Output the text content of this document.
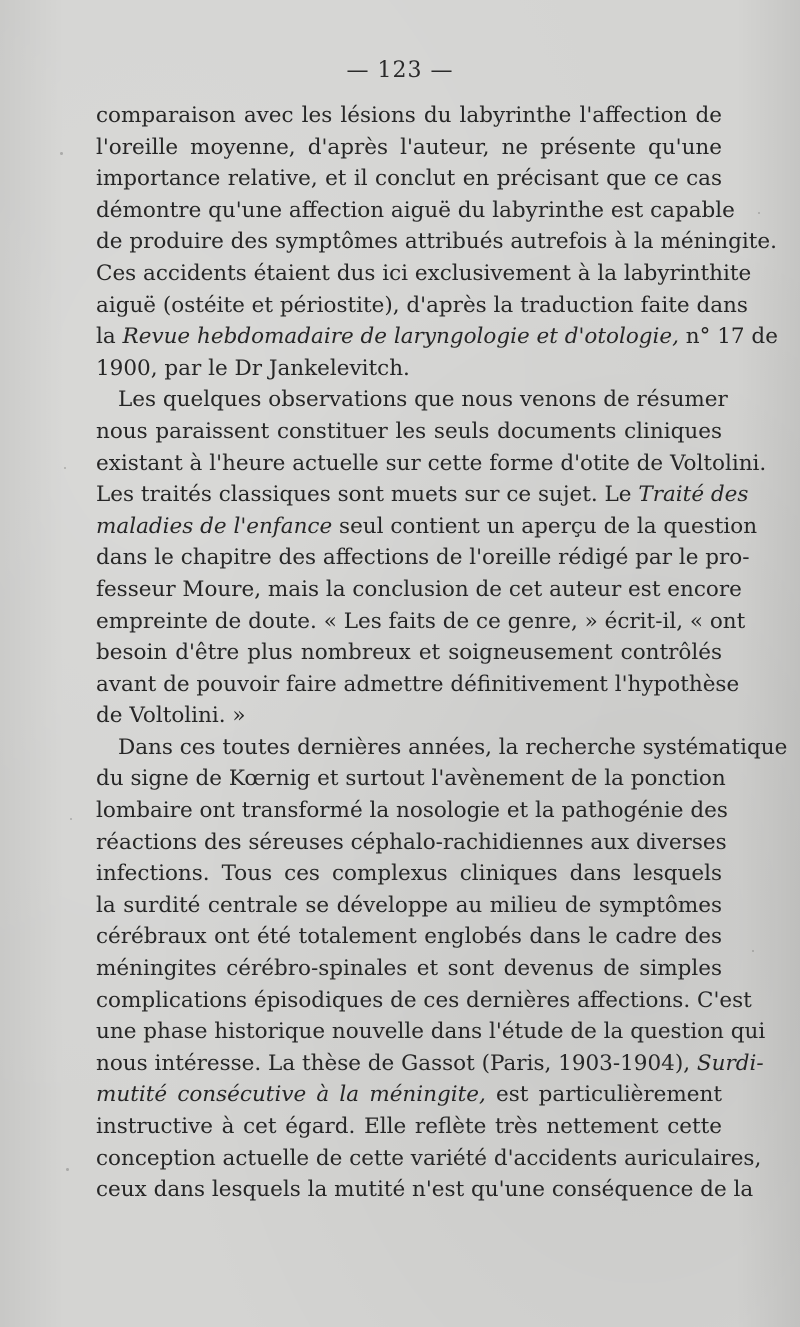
— 123 —
comparaison avec les lésions du labyrinthe l'affection de
l'oreille moyenne, d'après l'auteur, ne présente qu'une
importance relative, et il conclut en précisant que ce cas
démontre qu'une affection aiguë du labyrinthe est capable
de produire des symptômes attribués autrefois à la méningite.
Ces accidents étaient dus ici exclusivement à la labyrinthite
aiguë (ostéite et périostite), d'après la traduction faite dans
la Revue hebdomadaire de laryngologie et d'otologie, n° 17 de
1900, par le Dr Jankelevitch.
Les quelques observations que nous venons de résumer
nous paraissent constituer les seuls documents cliniques
existant à l'heure actuelle sur cette forme d'otite de Voltolini.
Les traités classiques sont muets sur ce sujet. Le Traité des
maladies de l'enfance seul contient un aperçu de la question
dans le chapitre des affections de l'oreille rédigé par le pro-
fesseur Moure, mais la conclusion de cet auteur est encore
empreinte de doute. « Les faits de ce genre, » écrit-il, « ont
besoin d'être plus nombreux et soigneusement contrôlés
avant de pouvoir faire admettre définitivement l'hypothèse
de Voltolini. »
Dans ces toutes dernières années, la recherche systématique
du signe de Kœrnig et surtout l'avènement de la ponction
lombaire ont transformé la nosologie et la pathogénie des
réactions des séreuses céphalo-rachidiennes aux diverses
infections. Tous ces complexus cliniques dans lesquels
la surdité centrale se développe au milieu de symptômes
cérébraux ont été totalement englobés dans le cadre des
méningites cérébro-spinales et sont devenus de simples
complications épisodiques de ces dernières affections. C'est
une phase historique nouvelle dans l'étude de la question qui
nous intéresse. La thèse de Gassot (Paris, 1903-1904), Surdi-
mutité consécutive à la méningite, est particulièrement
instructive à cet égard. Elle reflète très nettement cette
conception actuelle de cette variété d'accidents auriculaires,
ceux dans lesquels la mutité n'est qu'une conséquence de la
